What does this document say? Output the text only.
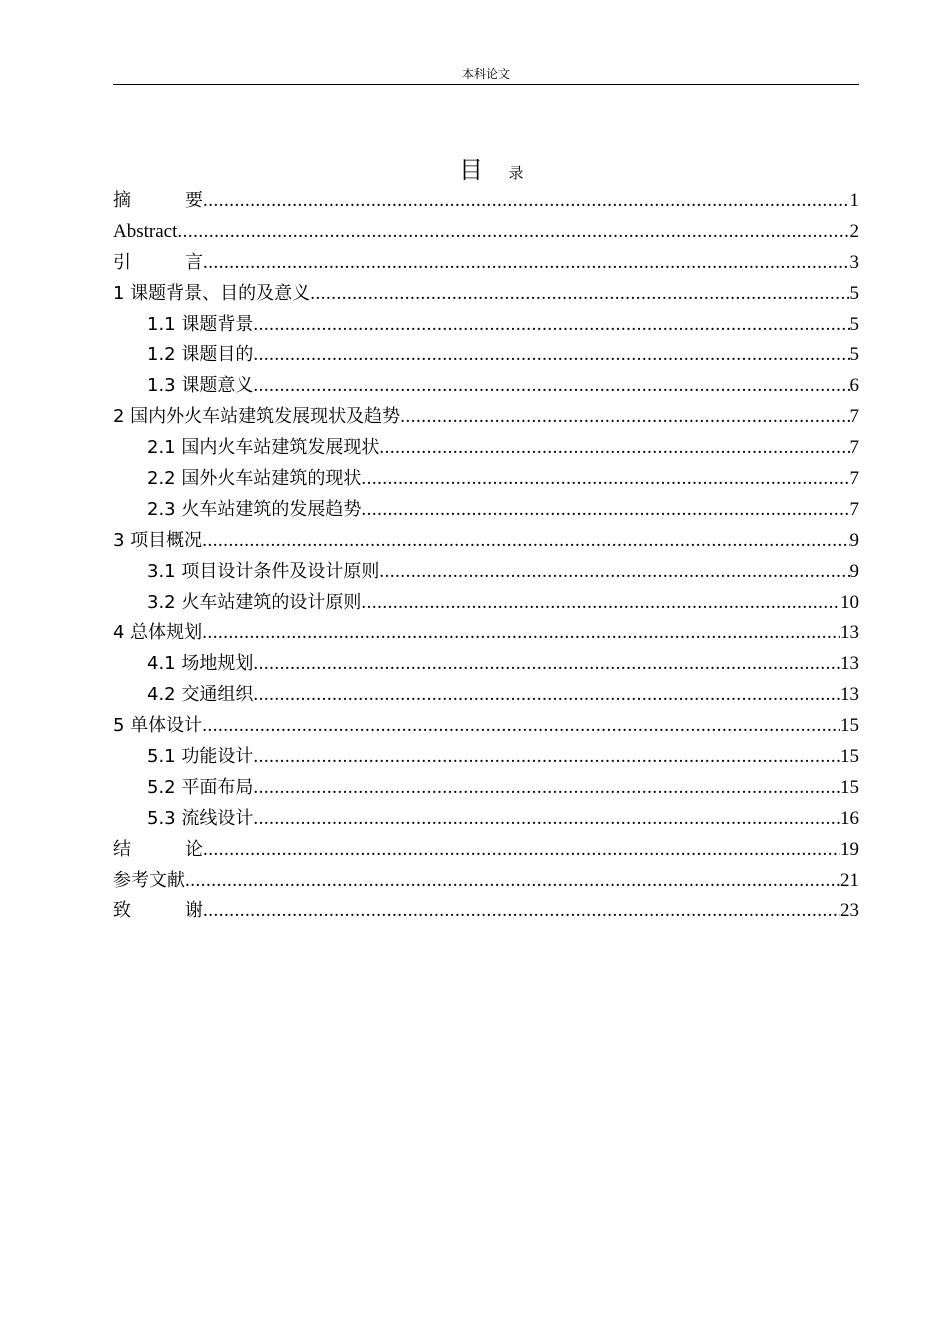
本科论文
目 录
摘　　要 .....	1
Abstract .....	2
引　　言 .....	3
1 课题背景、目的及意义 .....	5
1.1 课题背景 .....	5
1.2 课题目的 .....	5
1.3 课题意义 .....	6
2 国内外火车站建筑发展现状及趋势 .....	7
2.1 国内火车站建筑发展现状 .....	7
2.2 国外火车站建筑的现状 .....	7
2.3 火车站建筑的发展趋势 .....	7
3 项目概况 .....	9
3.1 项目设计条件及设计原则 .....	9
3.2 火车站建筑的设计原则 .....	10
4 总体规划 .....	13
4.1 场地规划 .....	13
4.2 交通组织 .....	13
5 单体设计 .....	15
5.1 功能设计 .....	15
5.2 平面布局 .....	15
5.3 流线设计 .....	16
结　　论 .....	19
参考文献 .....	21
致　　谢 .....	23
